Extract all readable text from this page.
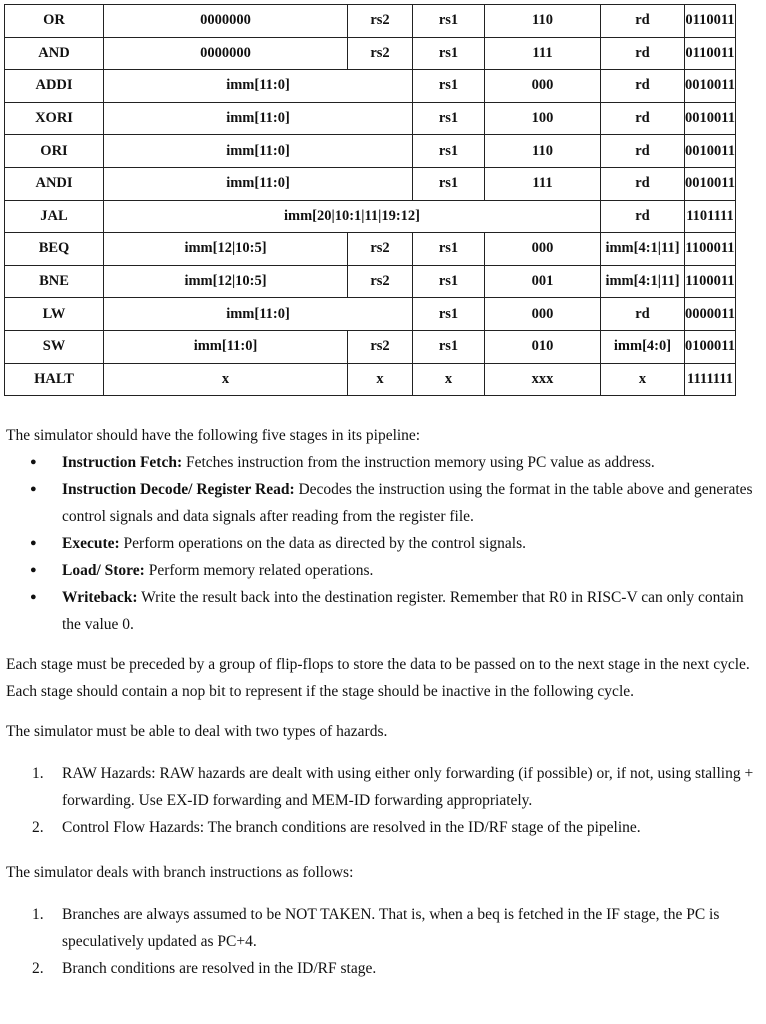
OR	0000000	rs2	rs1	110	rd	0110011
AND	0000000	rs2	rs1	111	rd	0110011
ADDI	imm[11:0]		rs1	000	rd	0010011
XORI	imm[11:0]		rs1	100	rd	0010011
ORI	imm[11:0]		rs1	110	rd	0010011
ANDI	imm[11:0]		rs1	111	rd	0010011
JAL	imm[20|10:1|11|19:12]				rd	1101111
BEQ	imm[12|10:5]	rs2	rs1	000	imm[4:1|11]	1100011
BNE	imm[12|10:5]	rs2	rs1	001	imm[4:1|11]	1100011
LW	imm[11:0]		rs1	000	rd	0000011
SW	imm[11:0]	rs2	rs1	010	imm[4:0]	0100011
HALT	x	x	x	xxx	x	1111111

The simulator should have the following five stages in its pipeline:

● Instruction Fetch: Fetches instruction from the instruction memory using PC value as address.
● Instruction Decode/ Register Read: Decodes the instruction using the format in the table above and generates control signals and data signals after reading from the register file.
● Execute: Perform operations on the data as directed by the control signals.
● Load/ Store: Perform memory related operations.
● Writeback: Write the result back into the destination register. Remember that R0 in RISC-V can only contain the value 0.

Each stage must be preceded by a group of flip-flops to store the data to be passed on to the next stage in the next cycle. Each stage should contain a nop bit to represent if the stage should be inactive in the following cycle.

The simulator must be able to deal with two types of hazards.

1. RAW Hazards: RAW hazards are dealt with using either only forwarding (if possible) or, if not, using stalling + forwarding. Use EX-ID forwarding and MEM-ID forwarding appropriately.
2. Control Flow Hazards: The branch conditions are resolved in the ID/RF stage of the pipeline.

The simulator deals with branch instructions as follows:

1. Branches are always assumed to be NOT TAKEN. That is, when a beq is fetched in the IF stage, the PC is speculatively updated as PC+4.
2. Branch conditions are resolved in the ID/RF stage.
